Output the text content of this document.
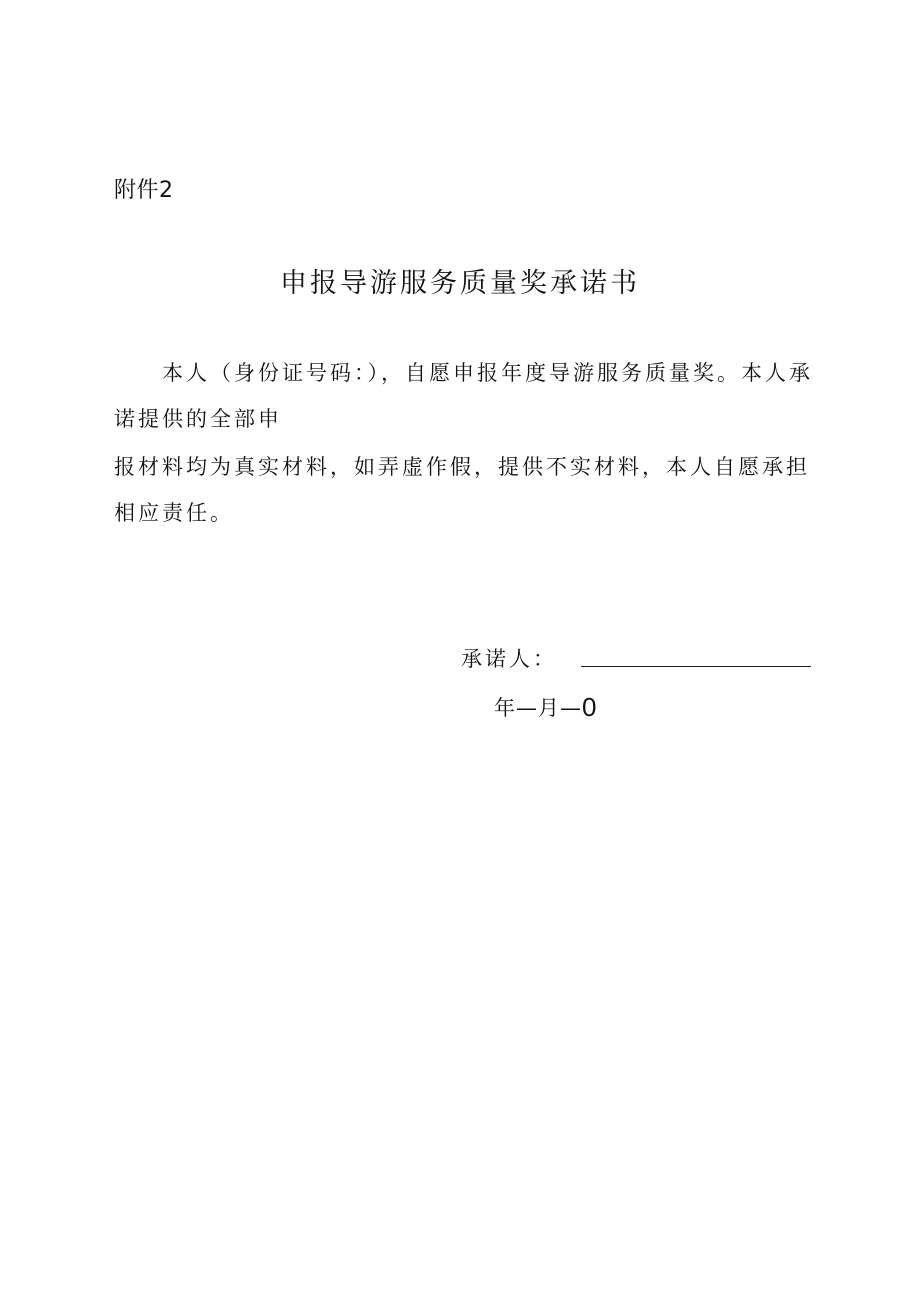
附件2
申报导游服务质量奖承诺书
本人（身份证号码：），自愿申报年度导游服务质量奖。本人承
诺提供的全部申
报材料均为真实材料，如弄虚作假，提供不实材料，本人自愿承担
相应责任。
承诺人：
年—月—0
